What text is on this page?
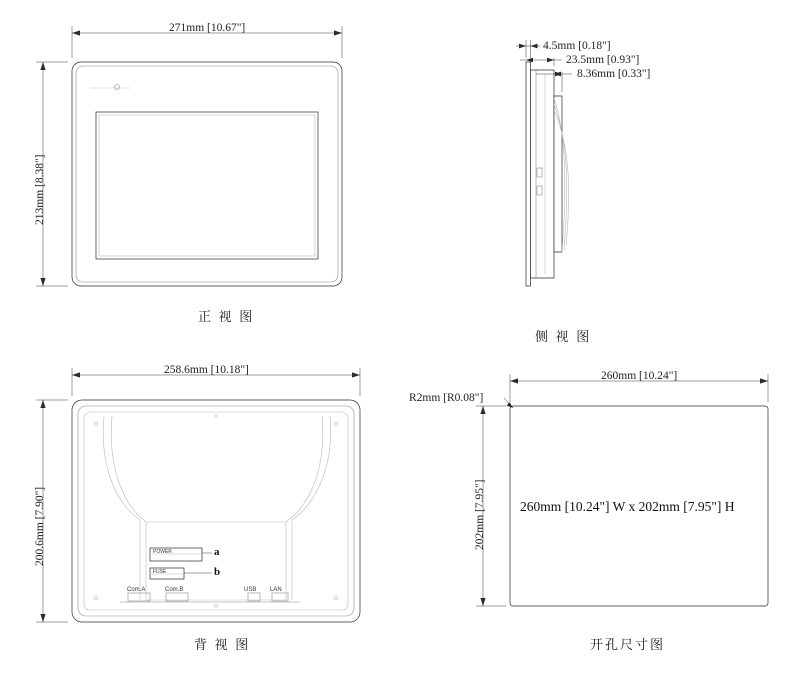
271mm [10.67"]
213mm [8.38"]
正 视 图
4.5mm [0.18"]
23.5mm [0.93"]
8.36mm [0.33"]
侧 视 图
258.6mm [10.18"]
200.6mm [7.90"]	POWER
FUSE
a
b
Com.A	Com.B	USB LAN
背 视 图
R2mm [R0.08"]
260mm [10.24"]
202mm [7.95"]	260mm [10.24"] W x 202mm [7.95"] H
开孔尺寸图
